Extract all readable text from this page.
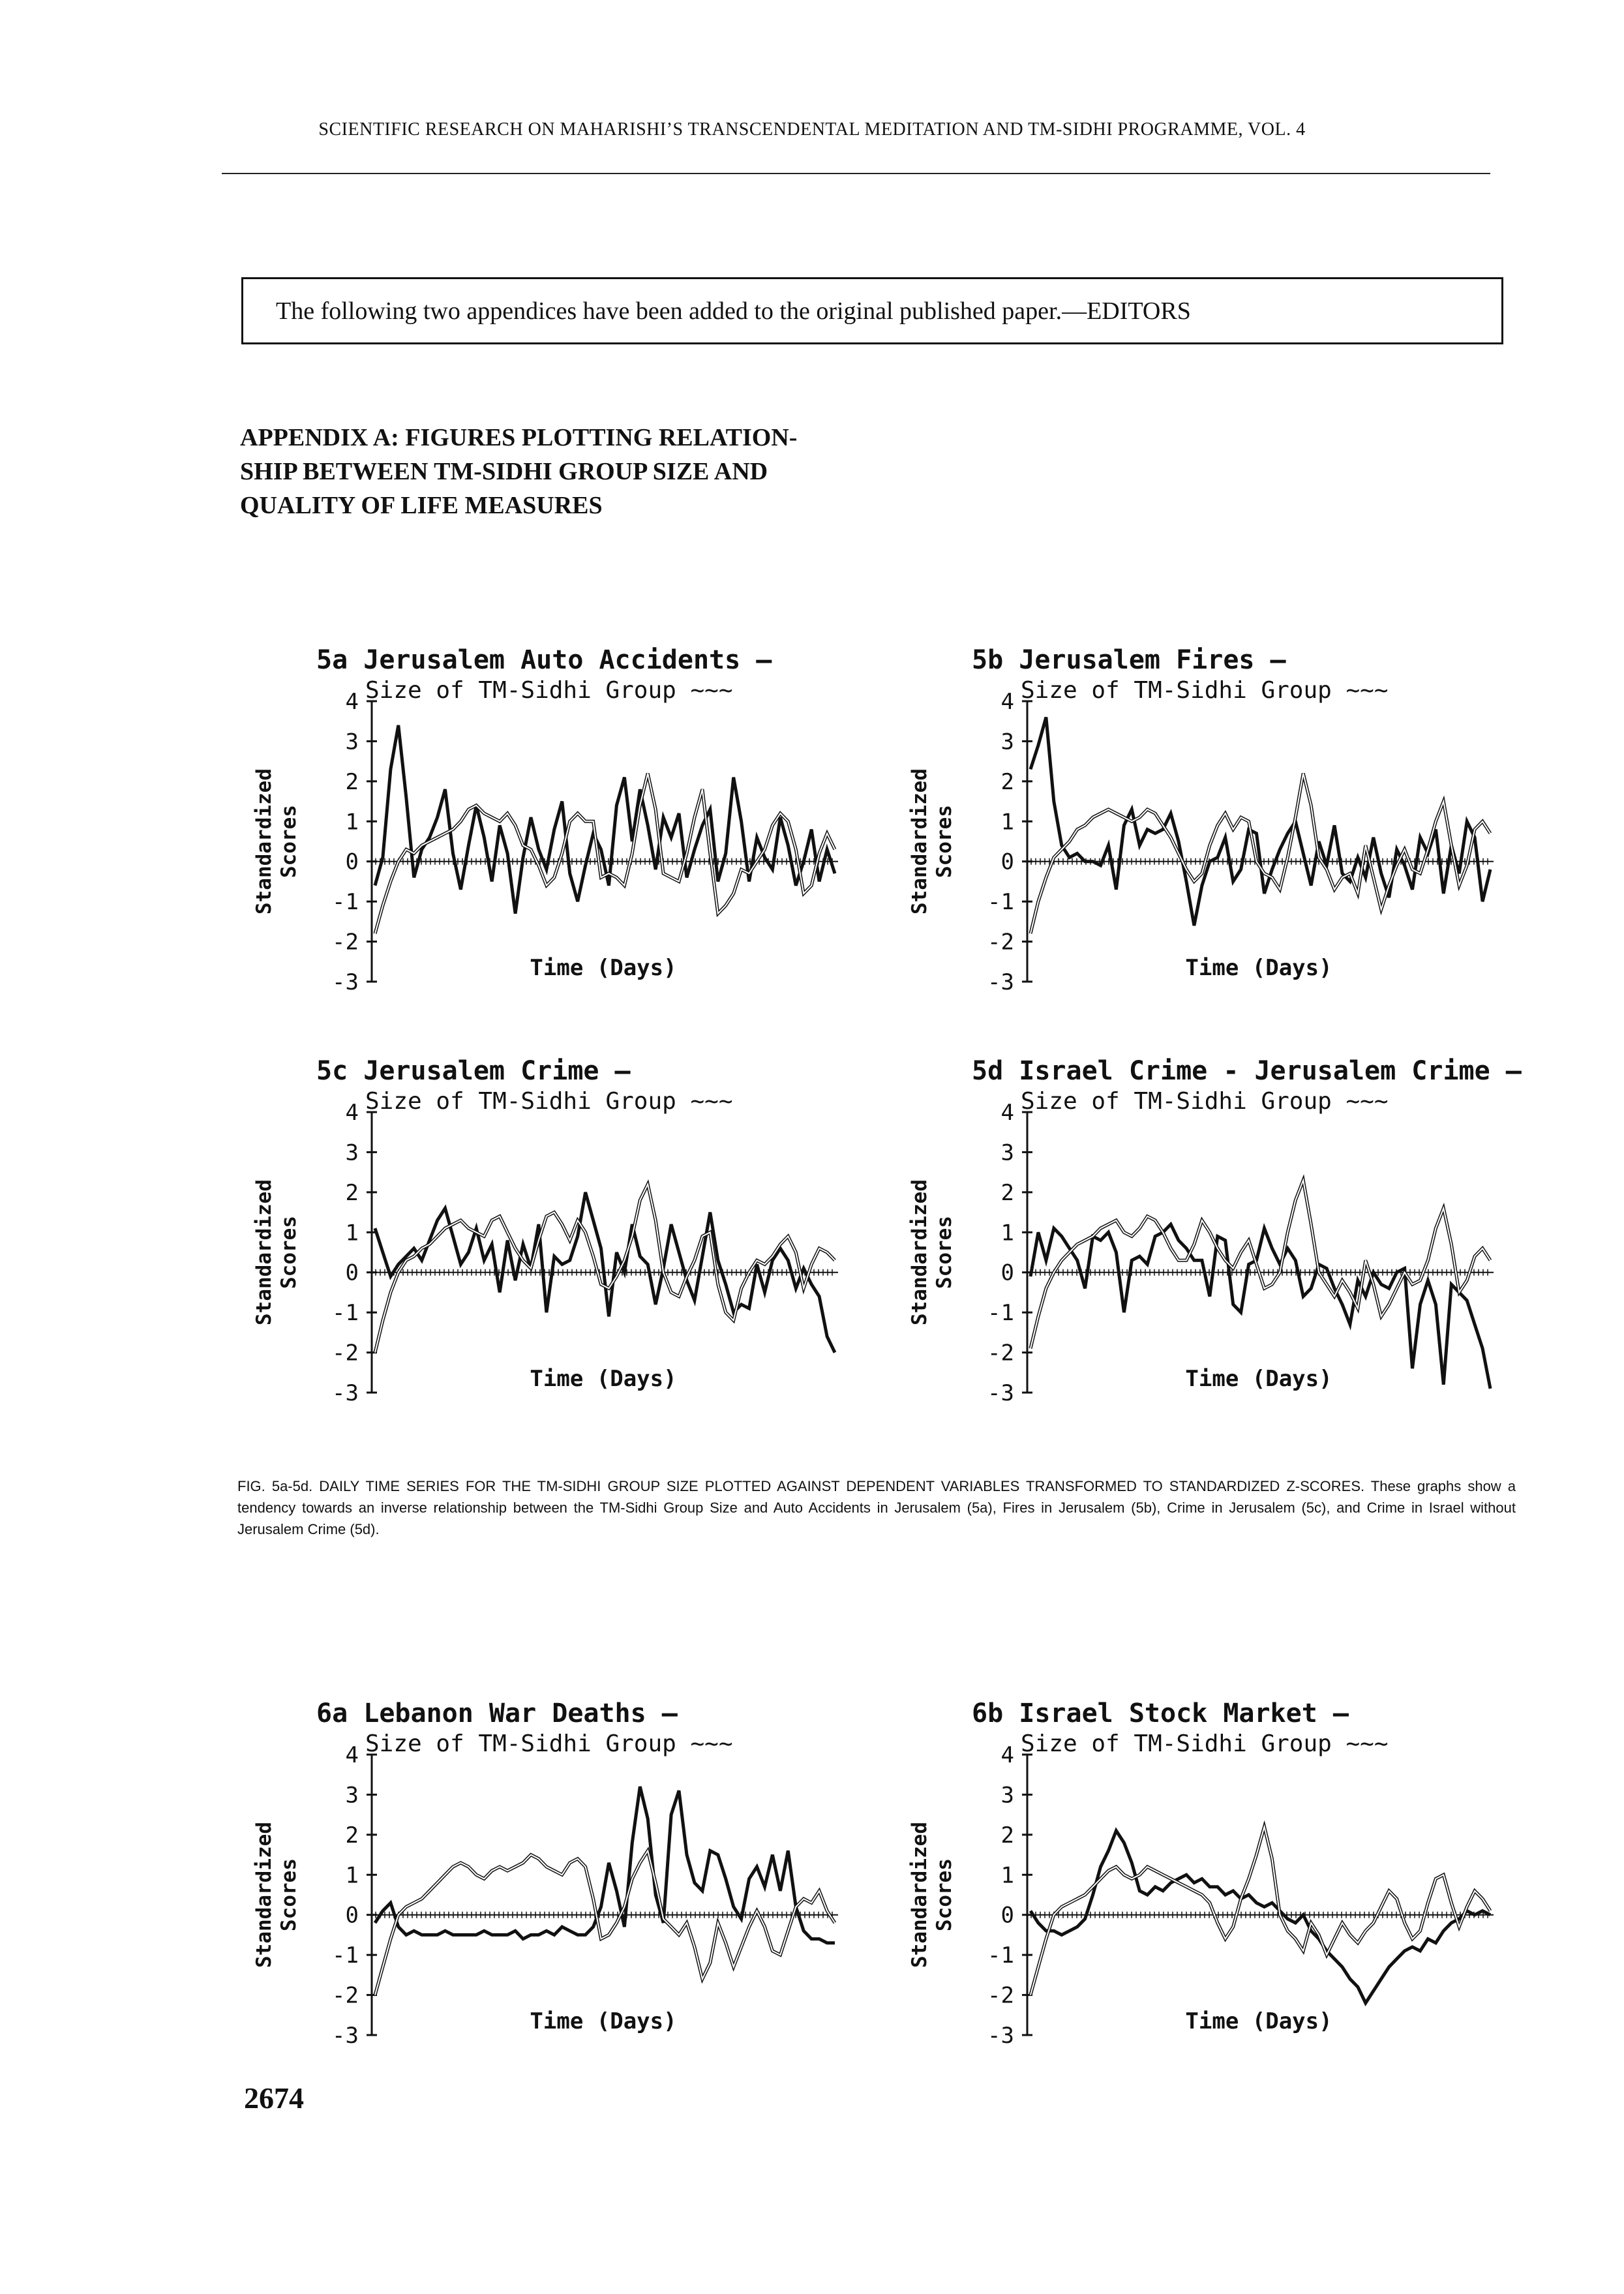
SCIENTIFIC RESEARCH ON MAHARISHI’S TRANSCENDENTAL MEDITATION AND TM-SIDHI PROGRAMME, VOL. 4
The following two appendices have been added to the original published paper.—EDITORS
APPENDIX A: FIGURES PLOTTING RELATION-
SHIP BETWEEN TM-SIDHI GROUP SIZE AND
QUALITY OF LIFE MEASURES
5a Jerusalem Auto Accidents —
Size of TM-Sidhi Group ~~~
StandardizedScores
4
3
2
1
0
-1
-2
-3
Time (Days)
5b Jerusalem Fires —
Size of TM-Sidhi Group ~~~
StandardizedScores
4
3
2
1
0
-1
-2
-3
Time (Days)
5c Jerusalem Crime —
Size of TM-Sidhi Group ~~~
StandardizedScores
4
3
2
1
0
-1
-2
-3
Time (Days)
5d Israel Crime - Jerusalem Crime —
Size of TM-Sidhi Group ~~~
StandardizedScores
4
3
2
1
0
-1
-2
-3
Time (Days)
FIG. 5a-5d. DAILY TIME SERIES FOR THE TM-SIDHI GROUP SIZE PLOTTED AGAINST DEPENDENT VARIABLES TRANSFORMED TO STANDARDIZED Z-SCORES. These graphs show a tendency towards an inverse relationship between the TM-Sidhi Group Size and Auto Accidents in Jerusalem (5a), Fires in Jerusalem (5b), Crime in Jerusalem (5c), and Crime in Israel without Jerusalem Crime (5d).
6a Lebanon War Deaths —
Size of TM-Sidhi Group ~~~
StandardizedScores
4
3
2
1
0
-1
-2
-3
Time (Days)
6b Israel Stock Market —
Size of TM-Sidhi Group ~~~
StandardizedScores
4
3
2
1
0
-1
-2
-3
Time (Days)
2674
